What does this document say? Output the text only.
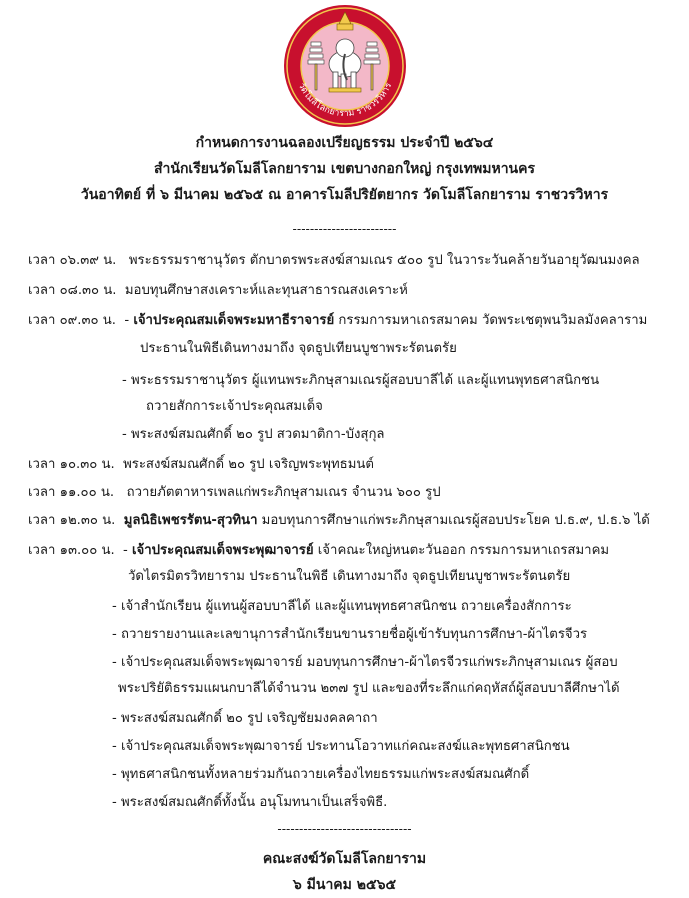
วัดโมลีโลกยาราม ราชวรวิหาร
กำหนดการงานฉลองเปรียญธรรม ประจำปี ๒๕๖๔
สำนักเรียนวัดโมลีโลกยาราม เขตบางกอกใหญ่ กรุงเทพมหานคร
วันอาทิตย์ ที่ ๖ มีนาคม ๒๕๖๕ ณ อาคารโมลีปริยัตยากร วัดโมลีโลกยาราม ราชวรวิหาร
------------------------
เวลา ๐๖.๓๙ น. พระธรรมราชานุวัตร ตักบาตรพระสงฆ์สามเณร ๕๐๐ รูป ในวาระวันคล้ายวันอายุวัฒนมงคล
เวลา ๐๘.๓๐ น. มอบทุนศึกษาสงเคราะห์และทุนสาธารณสงเคราะห์
เวลา ๐๙.๓๐ น.  - เจ้าประคุณสมเด็จพระมหาธีราจารย์ กรรมการมหาเถรสมาคม วัดพระเชตุพนวิมลมังคลาราม
ประธานในพิธีเดินทางมาถึง จุดธูปเทียนบูชาพระรัตนตรัย
- พระธรรมราชานุวัตร ผู้แทนพระภิกษุสามเณรผู้สอบบาลีได้ และผู้แทนพุทธศาสนิกชน
ถวายสักการะเจ้าประคุณสมเด็จ
- พระสงฆ์สมณศักดิ์ ๒๐ รูป สวดมาติกา-บังสุกุล
เวลา ๑๐.๓๐ น. พระสงฆ์สมณศักดิ์ ๒๐ รูป เจริญพระพุทธมนต์
เวลา ๑๑.๐๐ น. ถวายภัตตาหารเพลแก่พระภิกษุสามเณร จำนวน ๖๐๐ รูป
เวลา ๑๒.๓๐ น. มูลนิธิเพชรรัตน-สุวทินา มอบทุนการศึกษาแก่พระภิกษุสามเณรผู้สอบประโยค ป.ธ.๙, ป.ธ.๖ ได้
เวลา ๑๓.๐๐ น.  - เจ้าประคุณสมเด็จพระพุฒาจารย์ เจ้าคณะใหญ่หนตะวันออก กรรมการมหาเถรสมาคม
วัดไตรมิตรวิทยาราม ประธานในพิธี เดินทางมาถึง จุดธูปเทียนบูชาพระรัตนตรัย
- เจ้าสำนักเรียน ผู้แทนผู้สอบบาลีได้ และผู้แทนพุทธศาสนิกชน ถวายเครื่องสักการะ
- ถวายรายงานและเลขานุการสำนักเรียนขานรายชื่อผู้เข้ารับทุนการศึกษา-ผ้าไตรจีวร
- เจ้าประคุณสมเด็จพระพุฒาจารย์ มอบทุนการศึกษา-ผ้าไตรจีวรแก่พระภิกษุสามเณร ผู้สอบ
พระปริยัติธรรมแผนกบาลีได้จำนวน ๒๓๗ รูป และของที่ระลึกแก่คฤหัสถ์ผู้สอบบาลีศึกษาได้
- พระสงฆ์สมณศักดิ์ ๒๐ รูป เจริญชัยมงคลคาถา
- เจ้าประคุณสมเด็จพระพุฒาจารย์ ประทานโอวาทแก่คณะสงฆ์และพุทธศาสนิกชน
- พุทธศาสนิกชนทั้งหลายร่วมกันถวายเครื่องไทยธรรมแก่พระสงฆ์สมณศักดิ์
- พระสงฆ์สมณศักดิ์ทั้งนั้น อนุโมทนาเป็นเสร็จพิธี.
-------------------------------
คณะสงฆ์วัดโมลีโลกยาราม
๖ มีนาคม ๒๕๖๕
